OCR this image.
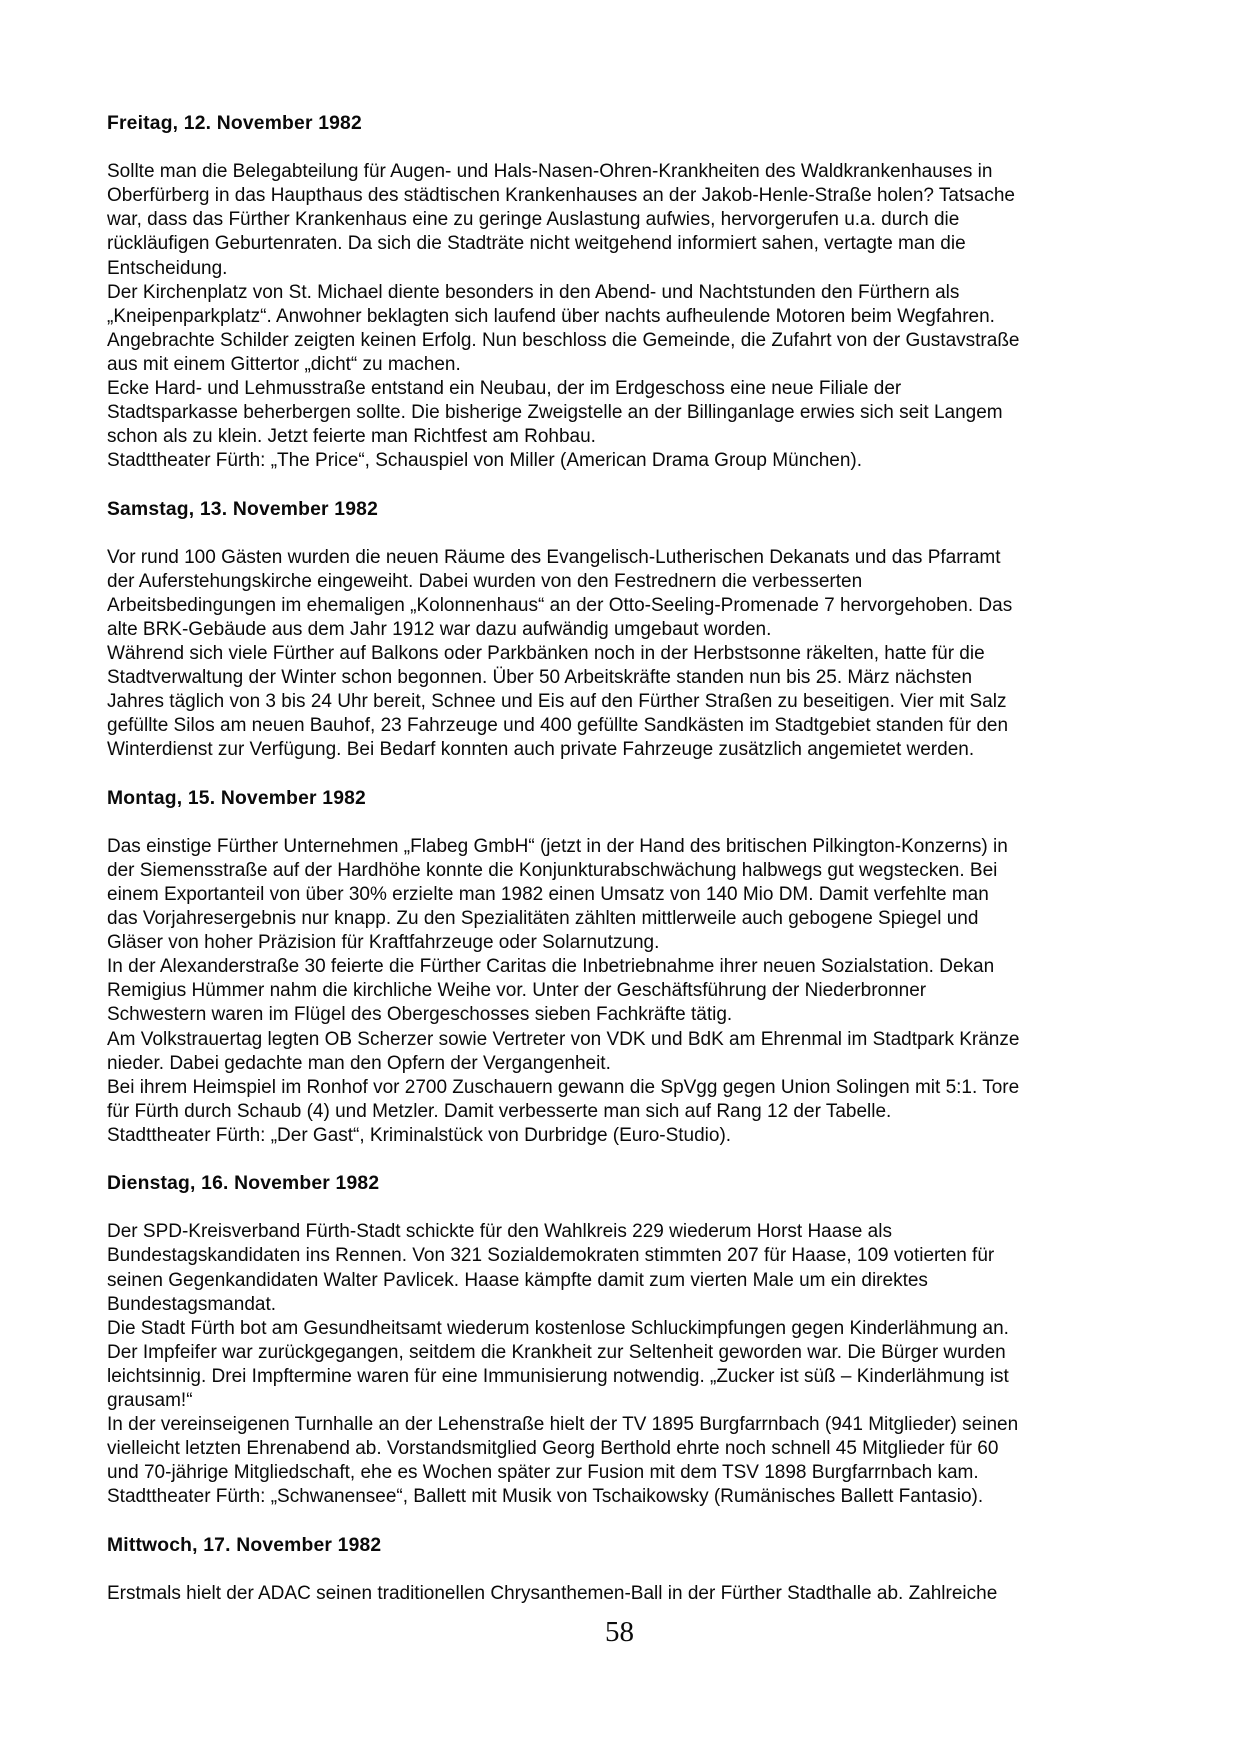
Freitag, 12. November 1982
Sollte man die Belegabteilung für Augen- und Hals-Nasen-Ohren-Krankheiten des Waldkrankenhauses in
Oberfürberg in das Haupthaus des städtischen Krankenhauses an der Jakob-Henle-Straße holen? Tatsache
war, dass das Fürther Krankenhaus eine zu geringe Auslastung aufwies, hervorgerufen u.a. durch die
rückläufigen Geburtenraten. Da sich die Stadträte nicht weitgehend informiert sahen, vertagte man die
Entscheidung.
Der Kirchenplatz von St. Michael diente besonders in den Abend- und Nachtstunden den Fürthern als
„Kneipenparkplatz“. Anwohner beklagten sich laufend über nachts aufheulende Motoren beim Wegfahren.
Angebrachte Schilder zeigten keinen Erfolg. Nun beschloss die Gemeinde, die Zufahrt von der Gustavstraße
aus mit einem Gittertor „dicht“ zu machen.
Ecke Hard- und Lehmusstraße entstand ein Neubau, der im Erdgeschoss eine neue Filiale der
Stadtsparkasse beherbergen sollte. Die bisherige Zweigstelle an der Billinganlage erwies sich seit Langem
schon als zu klein. Jetzt feierte man Richtfest am Rohbau.
Stadttheater Fürth: „The Price“, Schauspiel von Miller (American Drama Group München).
Samstag, 13. November 1982
Vor rund 100 Gästen wurden die neuen Räume des Evangelisch-Lutherischen Dekanats und das Pfarramt
der Auferstehungskirche eingeweiht. Dabei wurden von den Festrednern die verbesserten
Arbeitsbedingungen im ehemaligen „Kolonnenhaus“ an der Otto-Seeling-Promenade 7 hervorgehoben. Das
alte BRK-Gebäude aus dem Jahr 1912 war dazu aufwändig umgebaut worden.
Während sich viele Fürther auf Balkons oder Parkbänken noch in der Herbstsonne räkelten, hatte für die
Stadtverwaltung der Winter schon begonnen. Über 50 Arbeitskräfte standen nun bis 25. März nächsten
Jahres täglich von 3 bis 24 Uhr bereit, Schnee und Eis auf den Fürther Straßen zu beseitigen. Vier mit Salz
gefüllte Silos am neuen Bauhof, 23 Fahrzeuge und 400 gefüllte Sandkästen im Stadtgebiet standen für den
Winterdienst zur Verfügung. Bei Bedarf konnten auch private Fahrzeuge zusätzlich angemietet werden.
Montag, 15. November 1982
Das einstige Fürther Unternehmen „Flabeg GmbH“ (jetzt in der Hand des britischen Pilkington-Konzerns) in
der Siemensstraße auf der Hardhöhe konnte die Konjunkturabschwächung halbwegs gut wegstecken. Bei
einem Exportanteil von über 30% erzielte man 1982 einen Umsatz von 140 Mio DM. Damit verfehlte man
das Vorjahresergebnis nur knapp. Zu den Spezialitäten zählten mittlerweile auch gebogene Spiegel und
Gläser von hoher Präzision für Kraftfahrzeuge oder Solarnutzung.
In der Alexanderstraße 30 feierte die Fürther Caritas die Inbetriebnahme ihrer neuen Sozialstation. Dekan
Remigius Hümmer nahm die kirchliche Weihe vor. Unter der Geschäftsführung der Niederbronner
Schwestern waren im Flügel des Obergeschosses sieben Fachkräfte tätig.
Am Volkstrauertag legten OB Scherzer sowie Vertreter von VDK und BdK am Ehrenmal im Stadtpark Kränze
nieder. Dabei gedachte man den Opfern der Vergangenheit.
Bei ihrem Heimspiel im Ronhof vor 2700 Zuschauern gewann die SpVgg gegen Union Solingen mit 5:1. Tore
für Fürth durch Schaub (4) und Metzler. Damit verbesserte man sich auf Rang 12 der Tabelle.
Stadttheater Fürth: „Der Gast“, Kriminalstück von Durbridge (Euro-Studio).
Dienstag, 16. November 1982
Der SPD-Kreisverband Fürth-Stadt schickte für den Wahlkreis 229 wiederum Horst Haase als
Bundestagskandidaten ins Rennen. Von 321 Sozialdemokraten stimmten 207 für Haase, 109 votierten für
seinen Gegenkandidaten Walter Pavlicek. Haase kämpfte damit zum vierten Male um ein direktes
Bundestagsmandat.
Die Stadt Fürth bot am Gesundheitsamt wiederum kostenlose Schluckimpfungen gegen Kinderlähmung an.
Der Impfeifer war zurückgegangen, seitdem die Krankheit zur Seltenheit geworden war. Die Bürger wurden
leichtsinnig. Drei Impftermine waren für eine Immunisierung notwendig. „Zucker ist süß – Kinderlähmung ist
grausam!“
In der vereinseigenen Turnhalle an der Lehenstraße hielt der TV 1895 Burgfarrnbach (941 Mitglieder) seinen
vielleicht letzten Ehrenabend ab. Vorstandsmitglied Georg Berthold ehrte noch schnell 45 Mitglieder für 60
und 70-jährige Mitgliedschaft, ehe es Wochen später zur Fusion mit dem TSV 1898 Burgfarrnbach kam.
Stadttheater Fürth: „Schwanensee“, Ballett mit Musik von Tschaikowsky (Rumänisches Ballett Fantasio).
Mittwoch, 17. November 1982
Erstmals hielt der ADAC seinen traditionellen Chrysanthemen-Ball in der Fürther Stadthalle ab. Zahlreiche
58
